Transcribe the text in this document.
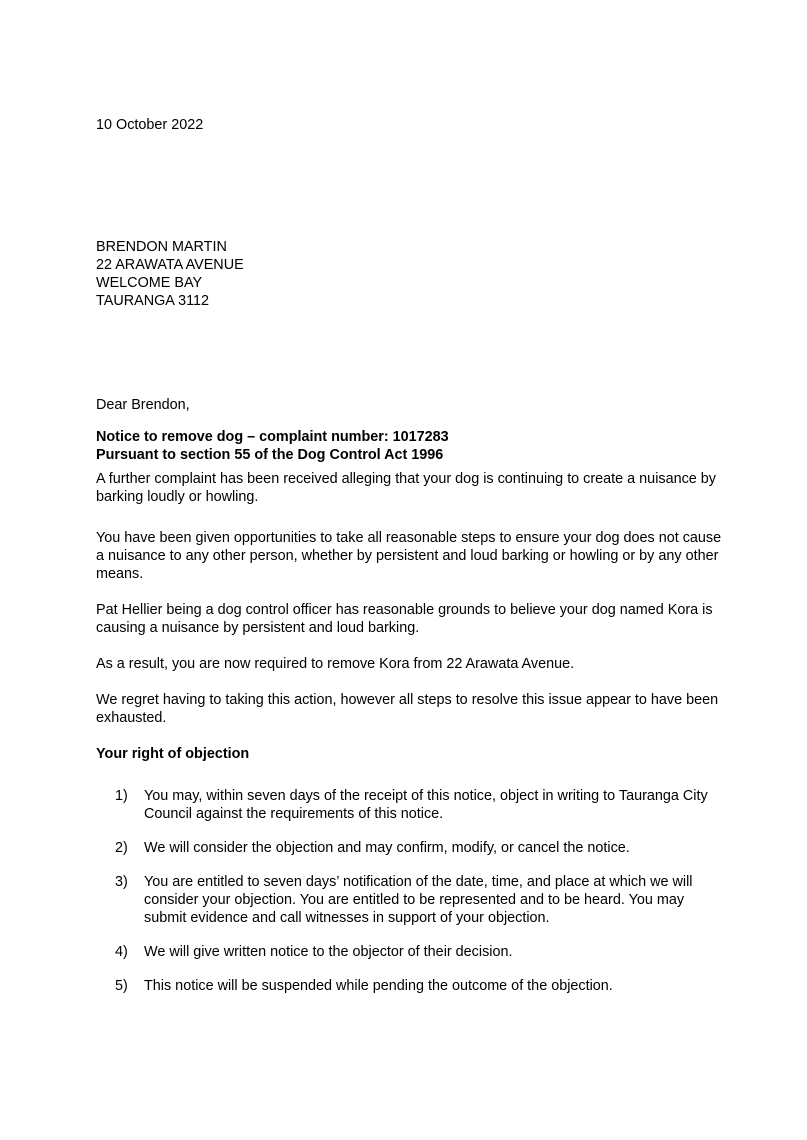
10 October 2022

BRENDON MARTIN
22 ARAWATA AVENUE
WELCOME BAY
TAURANGA 3112

Dear Brendon,

Notice to remove dog – complaint number: 1017283
Pursuant to section 55 of the Dog Control Act 1996

A further complaint has been received alleging that your dog is continuing to create a nuisance by barking loudly or howling.

You have been given opportunities to take all reasonable steps to ensure your dog does not cause a nuisance to any other person, whether by persistent and loud barking or howling or by any other means.

Pat Hellier being a dog control officer has reasonable grounds to believe your dog named Kora is causing a nuisance by persistent and loud barking.

As a result, you are now required to remove Kora from 22 Arawata Avenue.

We regret having to taking this action, however all steps to resolve this issue appear to have been exhausted.

Your right of objection

1) You may, within seven days of the receipt of this notice, object in writing to Tauranga City Council against the requirements of this notice.
2) We will consider the objection and may confirm, modify, or cancel the notice.
3) You are entitled to seven days’ notification of the date, time, and place at which we will consider your objection. You are entitled to be represented and to be heard. You may submit evidence and call witnesses in support of your objection.
4) We will give written notice to the objector of their decision.
5) This notice will be suspended while pending the outcome of the objection.
